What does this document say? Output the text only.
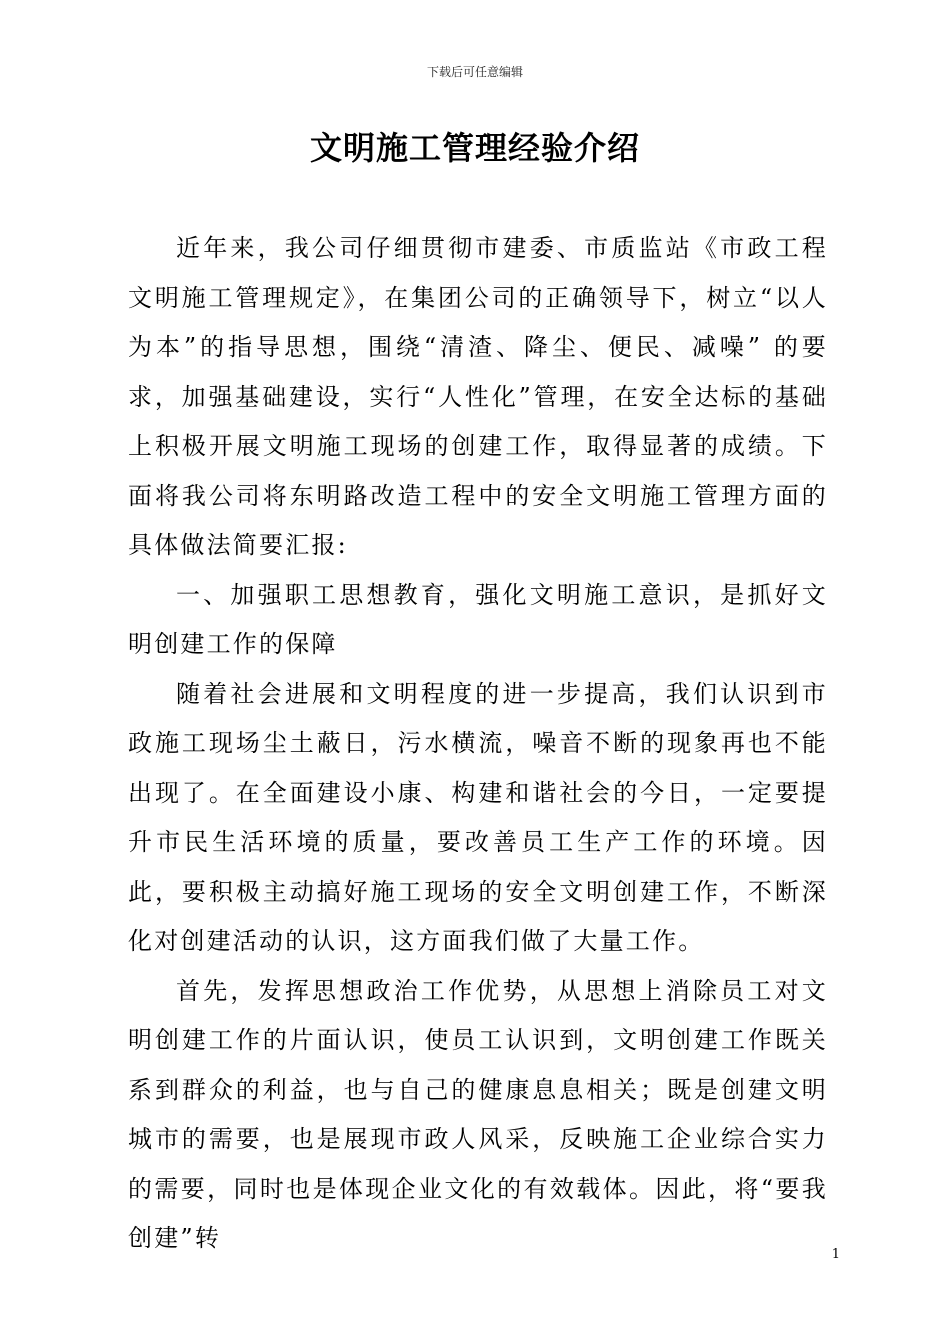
下载后可任意编辑
文明施工管理经验介绍

近年来，我公司仔细贯彻市建委、市质监站《市政工程文明施工管理规定》，在集团公司的正确领导下，树立“以人为本”的指导思想，围绕“清渣、降尘、便民、减噪” 的要求，加强基础建设，实行“人性化”管理，在安全达标的基础上积极开展文明施工现场的创建工作，取得显著的成绩。下面将我公司将东明路改造工程中的安全文明施工管理方面的具体做法简要汇报:

一、加强职工思想教育，强化文明施工意识，是抓好文明创建工作的保障

随着社会进展和文明程度的进一步提高，我们认识到市政施工现场尘土蔽日，污水横流，噪音不断的现象再也不能出现了。在全面建设小康、构建和谐社会的今日，一定要提升市民生活环境的质量，要改善员工生产工作的环境。因此，要积极主动搞好施工现场的安全文明创建工作，不断深化对创建活动的认识，这方面我们做了大量工作。

首先，发挥思想政治工作优势，从思想上消除员工对文明创建工作的片面认识，使员工认识到，文明创建工作既关系到群众的利益，也与自己的健康息息相关；既是创建文明城市的需要，也是展现市政人风采，反映施工企业综合实力的需要，同时也是体现企业文化的有效载体。因此，将“要我创建”转

1
